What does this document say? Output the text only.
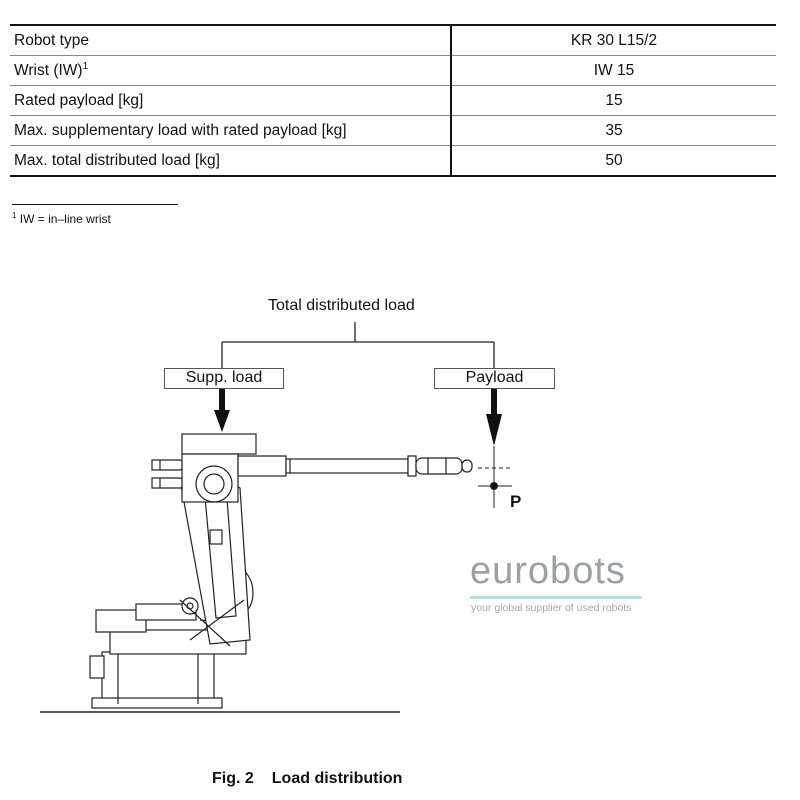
Robot type	KR 30 L15/2
Wrist (IW)$^1$	IW 15
Rated payload [kg]	15
Max. supplementary load with rated payload [kg]	35
Max. total distributed load [kg]	50
$^1$ IW = in–line wrist
Total distributed load
Supp. load	Payload
P
eurobots
your global supplier of used robots
Fig. 2 Load distribution
